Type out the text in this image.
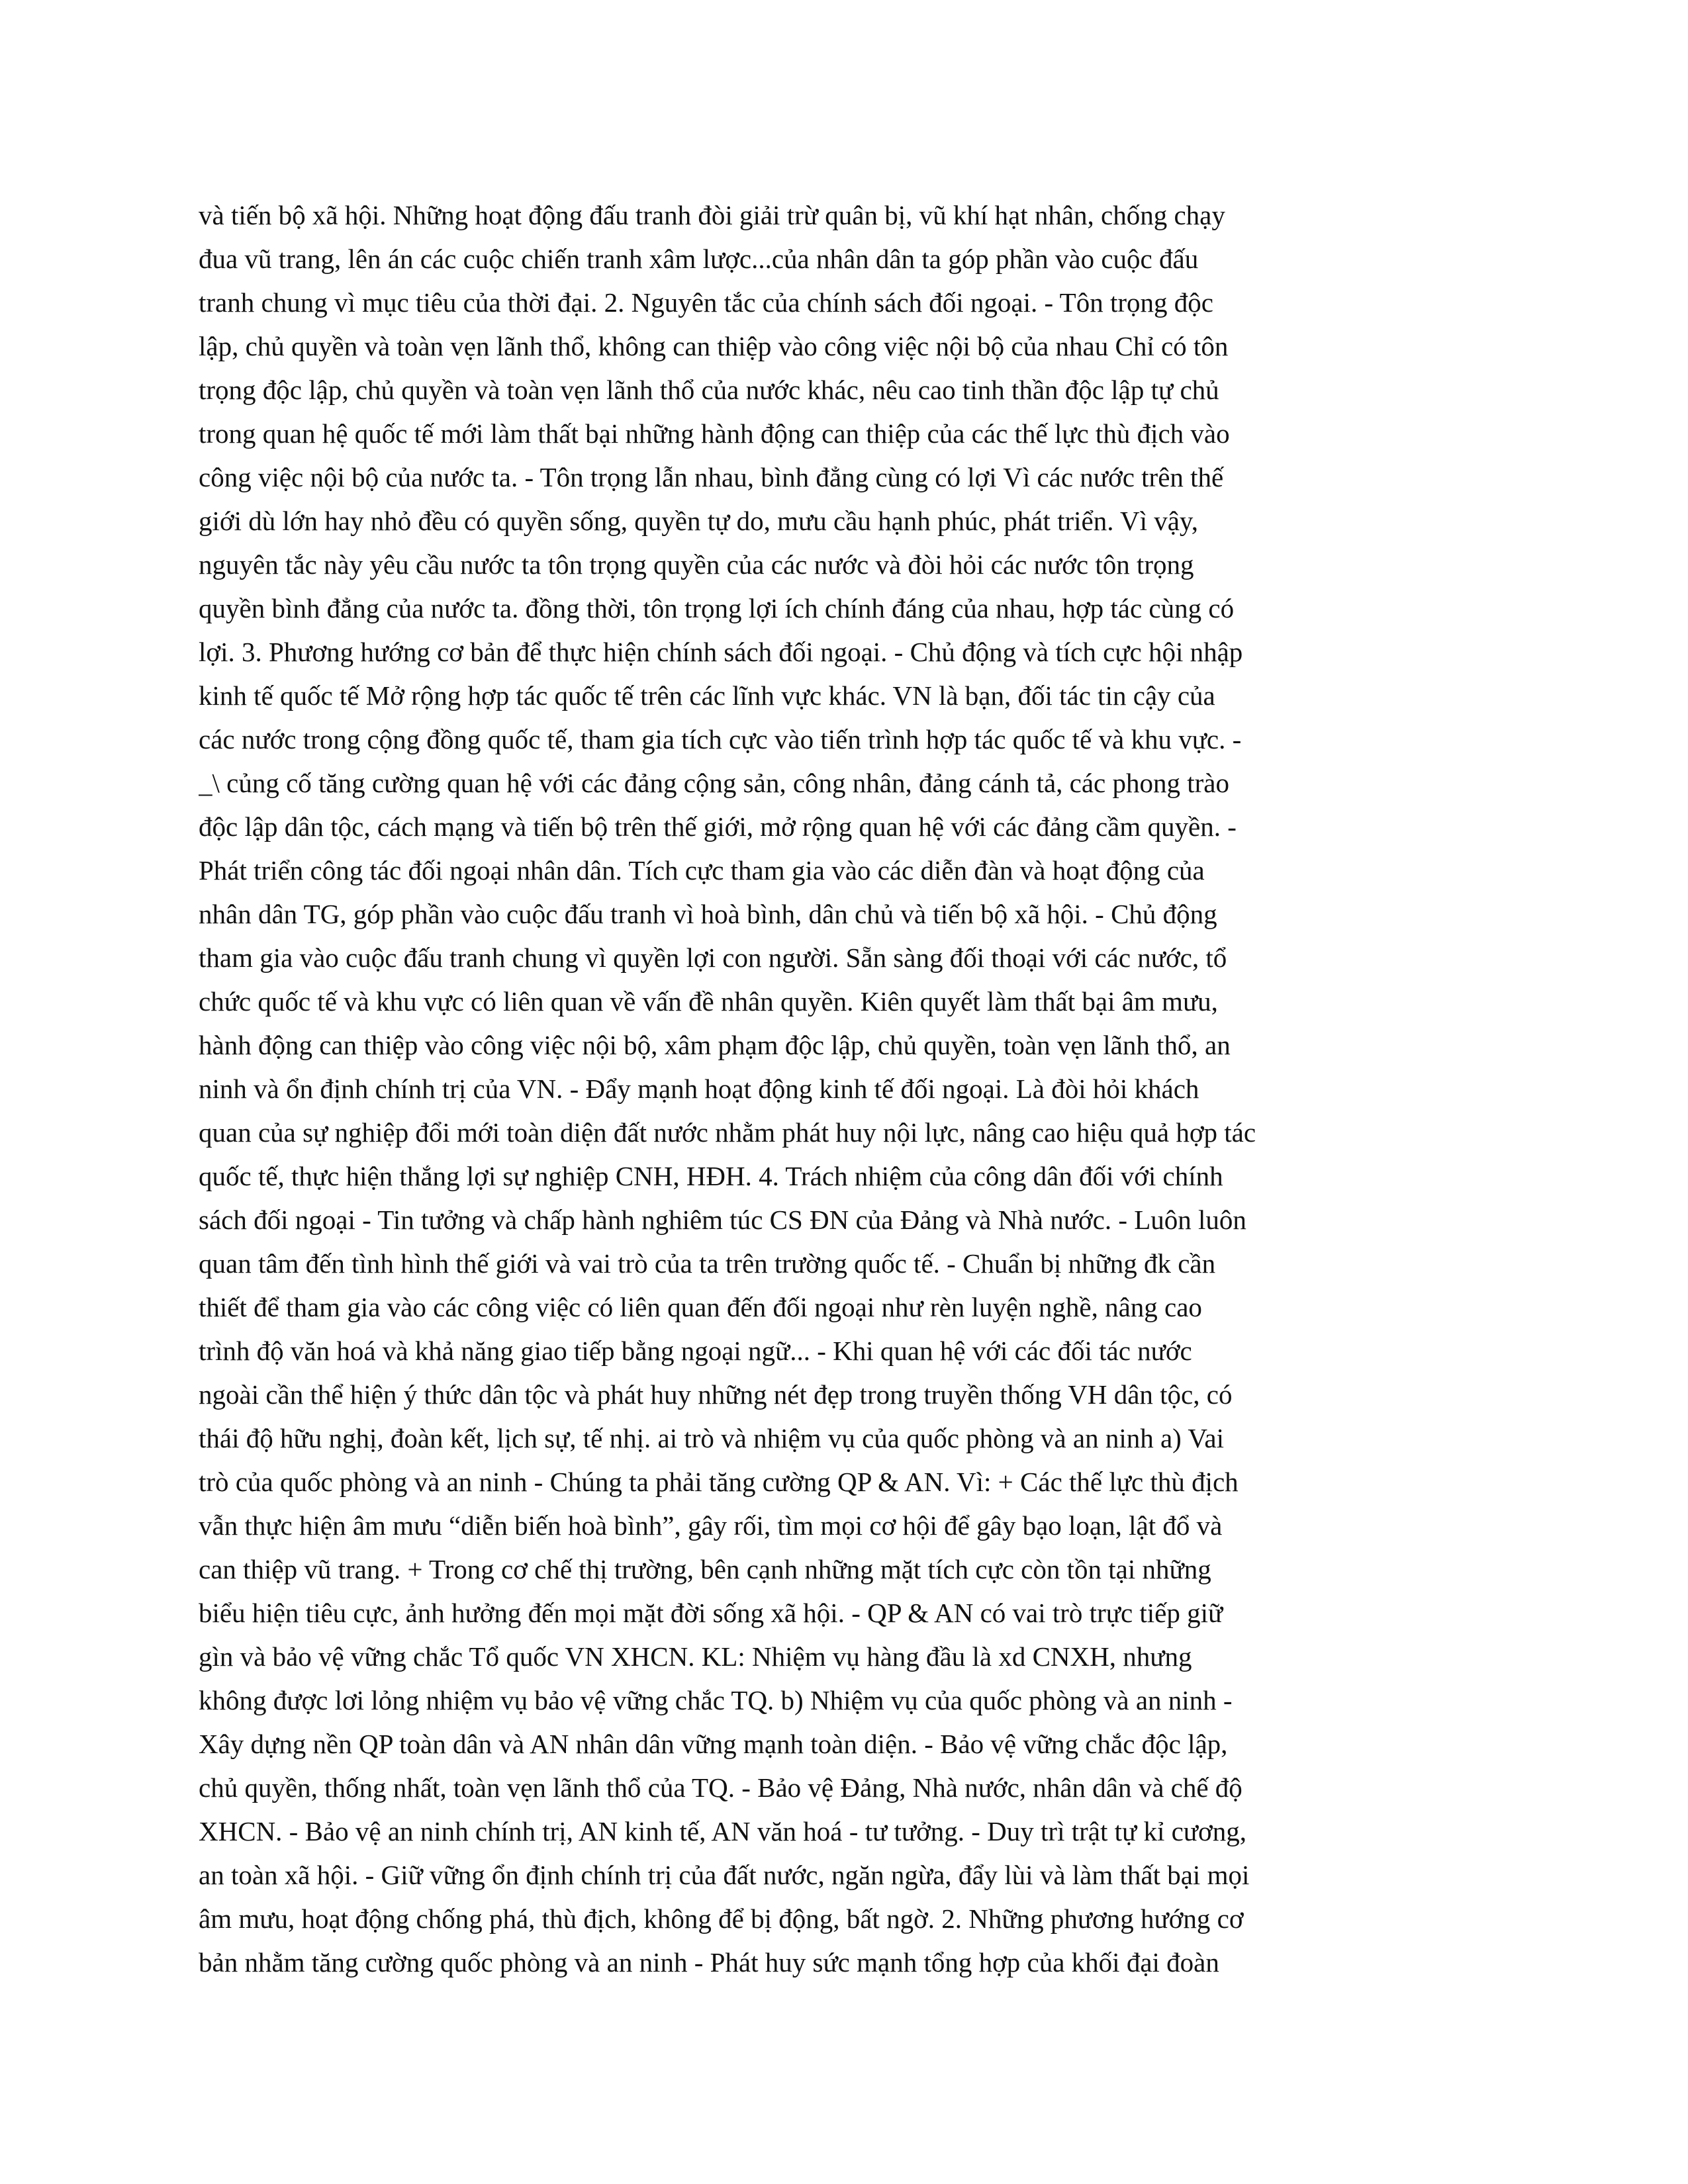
và tiến bộ xã hội. Những hoạt động đấu tranh đòi giải trừ quân bị, vũ khí hạt nhân, chống chạy
đua vũ trang, lên án các cuộc chiến tranh xâm lược...của nhân dân ta góp phần vào cuộc đấu
tranh chung vì mục tiêu của thời đại. 2. Nguyên tắc của chính sách đối ngoại. - Tôn trọng độc
lập, chủ quyền và toàn vẹn lãnh thổ, không can thiệp vào công việc nội bộ của nhau Chỉ có tôn
trọng độc lập, chủ quyền và toàn vẹn lãnh thổ của nước khác, nêu cao tinh thần độc lập tự chủ
trong quan hệ quốc tế mới làm thất bại những hành động can thiệp của các thế lực thù địch vào
công việc nội bộ của nước ta. - Tôn trọng lẫn nhau, bình đẳng cùng có lợi Vì các nước trên thế
giới dù lớn hay nhỏ đều có quyền sống, quyền tự do, mưu cầu hạnh phúc, phát triển. Vì vậy,
nguyên tắc này yêu cầu nước ta tôn trọng quyền của các nước và đòi hỏi các nước tôn trọng
quyền bình đẳng của nước ta. đồng thời, tôn trọng lợi ích chính đáng của nhau, hợp tác cùng có
lợi. 3. Phương hướng cơ bản để thực hiện chính sách đối ngoại. - Chủ động và tích cực hội nhập
kinh tế quốc tế Mở rộng hợp tác quốc tế trên các lĩnh vực khác. VN là bạn, đối tác tin cậy của
các nước trong cộng đồng quốc tế, tham gia tích cực vào tiến trình hợp tác quốc tế và khu vực. -
_\ củng cố tăng cường quan hệ với các đảng cộng sản, công nhân, đảng cánh tả, các phong trào
độc lập dân tộc, cách mạng và tiến bộ trên thế giới, mở rộng quan hệ với các đảng cầm quyền. -
Phát triển công tác đối ngoại nhân dân. Tích cực tham gia vào các diễn đàn và hoạt động của
nhân dân TG, góp phần vào cuộc đấu tranh vì hoà bình, dân chủ và tiến bộ xã hội. - Chủ động
tham gia vào cuộc đấu tranh chung vì quyền lợi con người. Sẵn sàng đối thoại với các nước, tổ
chức quốc tế và khu vực có liên quan về vấn đề nhân quyền. Kiên quyết làm thất bại âm mưu,
hành động can thiệp vào công việc nội bộ, xâm phạm độc lập, chủ quyền, toàn vẹn lãnh thổ, an
ninh và ổn định chính trị của VN. - Đẩy mạnh hoạt động kinh tế đối ngoại. Là đòi hỏi khách
quan của sự nghiệp đổi mới toàn diện đất nước nhằm phát huy nội lực, nâng cao hiệu quả hợp tác
quốc tế, thực hiện thắng lợi sự nghiệp CNH, HĐH. 4. Trách nhiệm của công dân đối với chính
sách đối ngoại - Tin tưởng và chấp hành nghiêm túc CS ĐN của Đảng và Nhà nước. - Luôn luôn
quan tâm đến tình hình thế giới và vai trò của ta trên trường quốc tế. - Chuẩn bị những đk cần
thiết để tham gia vào các công việc có liên quan đến đối ngoại như rèn luyện nghề, nâng cao
trình độ văn hoá và khả năng giao tiếp bằng ngoại ngữ... - Khi quan hệ với các đối tác nước
ngoài cần thể hiện ý thức dân tộc và phát huy những nét đẹp trong truyền thống VH dân tộc, có
thái độ hữu nghị, đoàn kết, lịch sự, tế nhị. ai trò và nhiệm vụ của quốc phòng và an ninh a) Vai
trò của quốc phòng và an ninh - Chúng ta phải tăng cường QP & AN. Vì: + Các thế lực thù địch
vẫn thực hiện âm mưu “diễn biến hoà bình”, gây rối, tìm mọi cơ hội để gây bạo loạn, lật đổ và
can thiệp vũ trang. + Trong cơ chế thị trường, bên cạnh những mặt tích cực còn tồn tại những
biểu hiện tiêu cực, ảnh hưởng đến mọi mặt đời sống xã hội. - QP & AN có vai trò trực tiếp giữ
gìn và bảo vệ vững chắc Tổ quốc VN XHCN. KL: Nhiệm vụ hàng đầu là xd CNXH, nhưng
không được lơi lỏng nhiệm vụ bảo vệ vững chắc TQ. b) Nhiệm vụ của quốc phòng và an ninh -
Xây dựng nền QP toàn dân và AN nhân dân vững mạnh toàn diện. - Bảo vệ vững chắc độc lập,
chủ quyền, thống nhất, toàn vẹn lãnh thổ của TQ. - Bảo vệ Đảng, Nhà nước, nhân dân và chế độ
XHCN. - Bảo vệ an ninh chính trị, AN kinh tế, AN văn hoá - tư tưởng. - Duy trì trật tự kỉ cương,
an toàn xã hội. - Giữ vững ổn định chính trị của đất nước, ngăn ngừa, đẩy lùi và làm thất bại mọi
âm mưu, hoạt động chống phá, thù địch, không để bị động, bất ngờ. 2. Những phương hướng cơ
bản nhằm tăng cường quốc phòng và an ninh - Phát huy sức mạnh tổng hợp của khối đại đoàn
